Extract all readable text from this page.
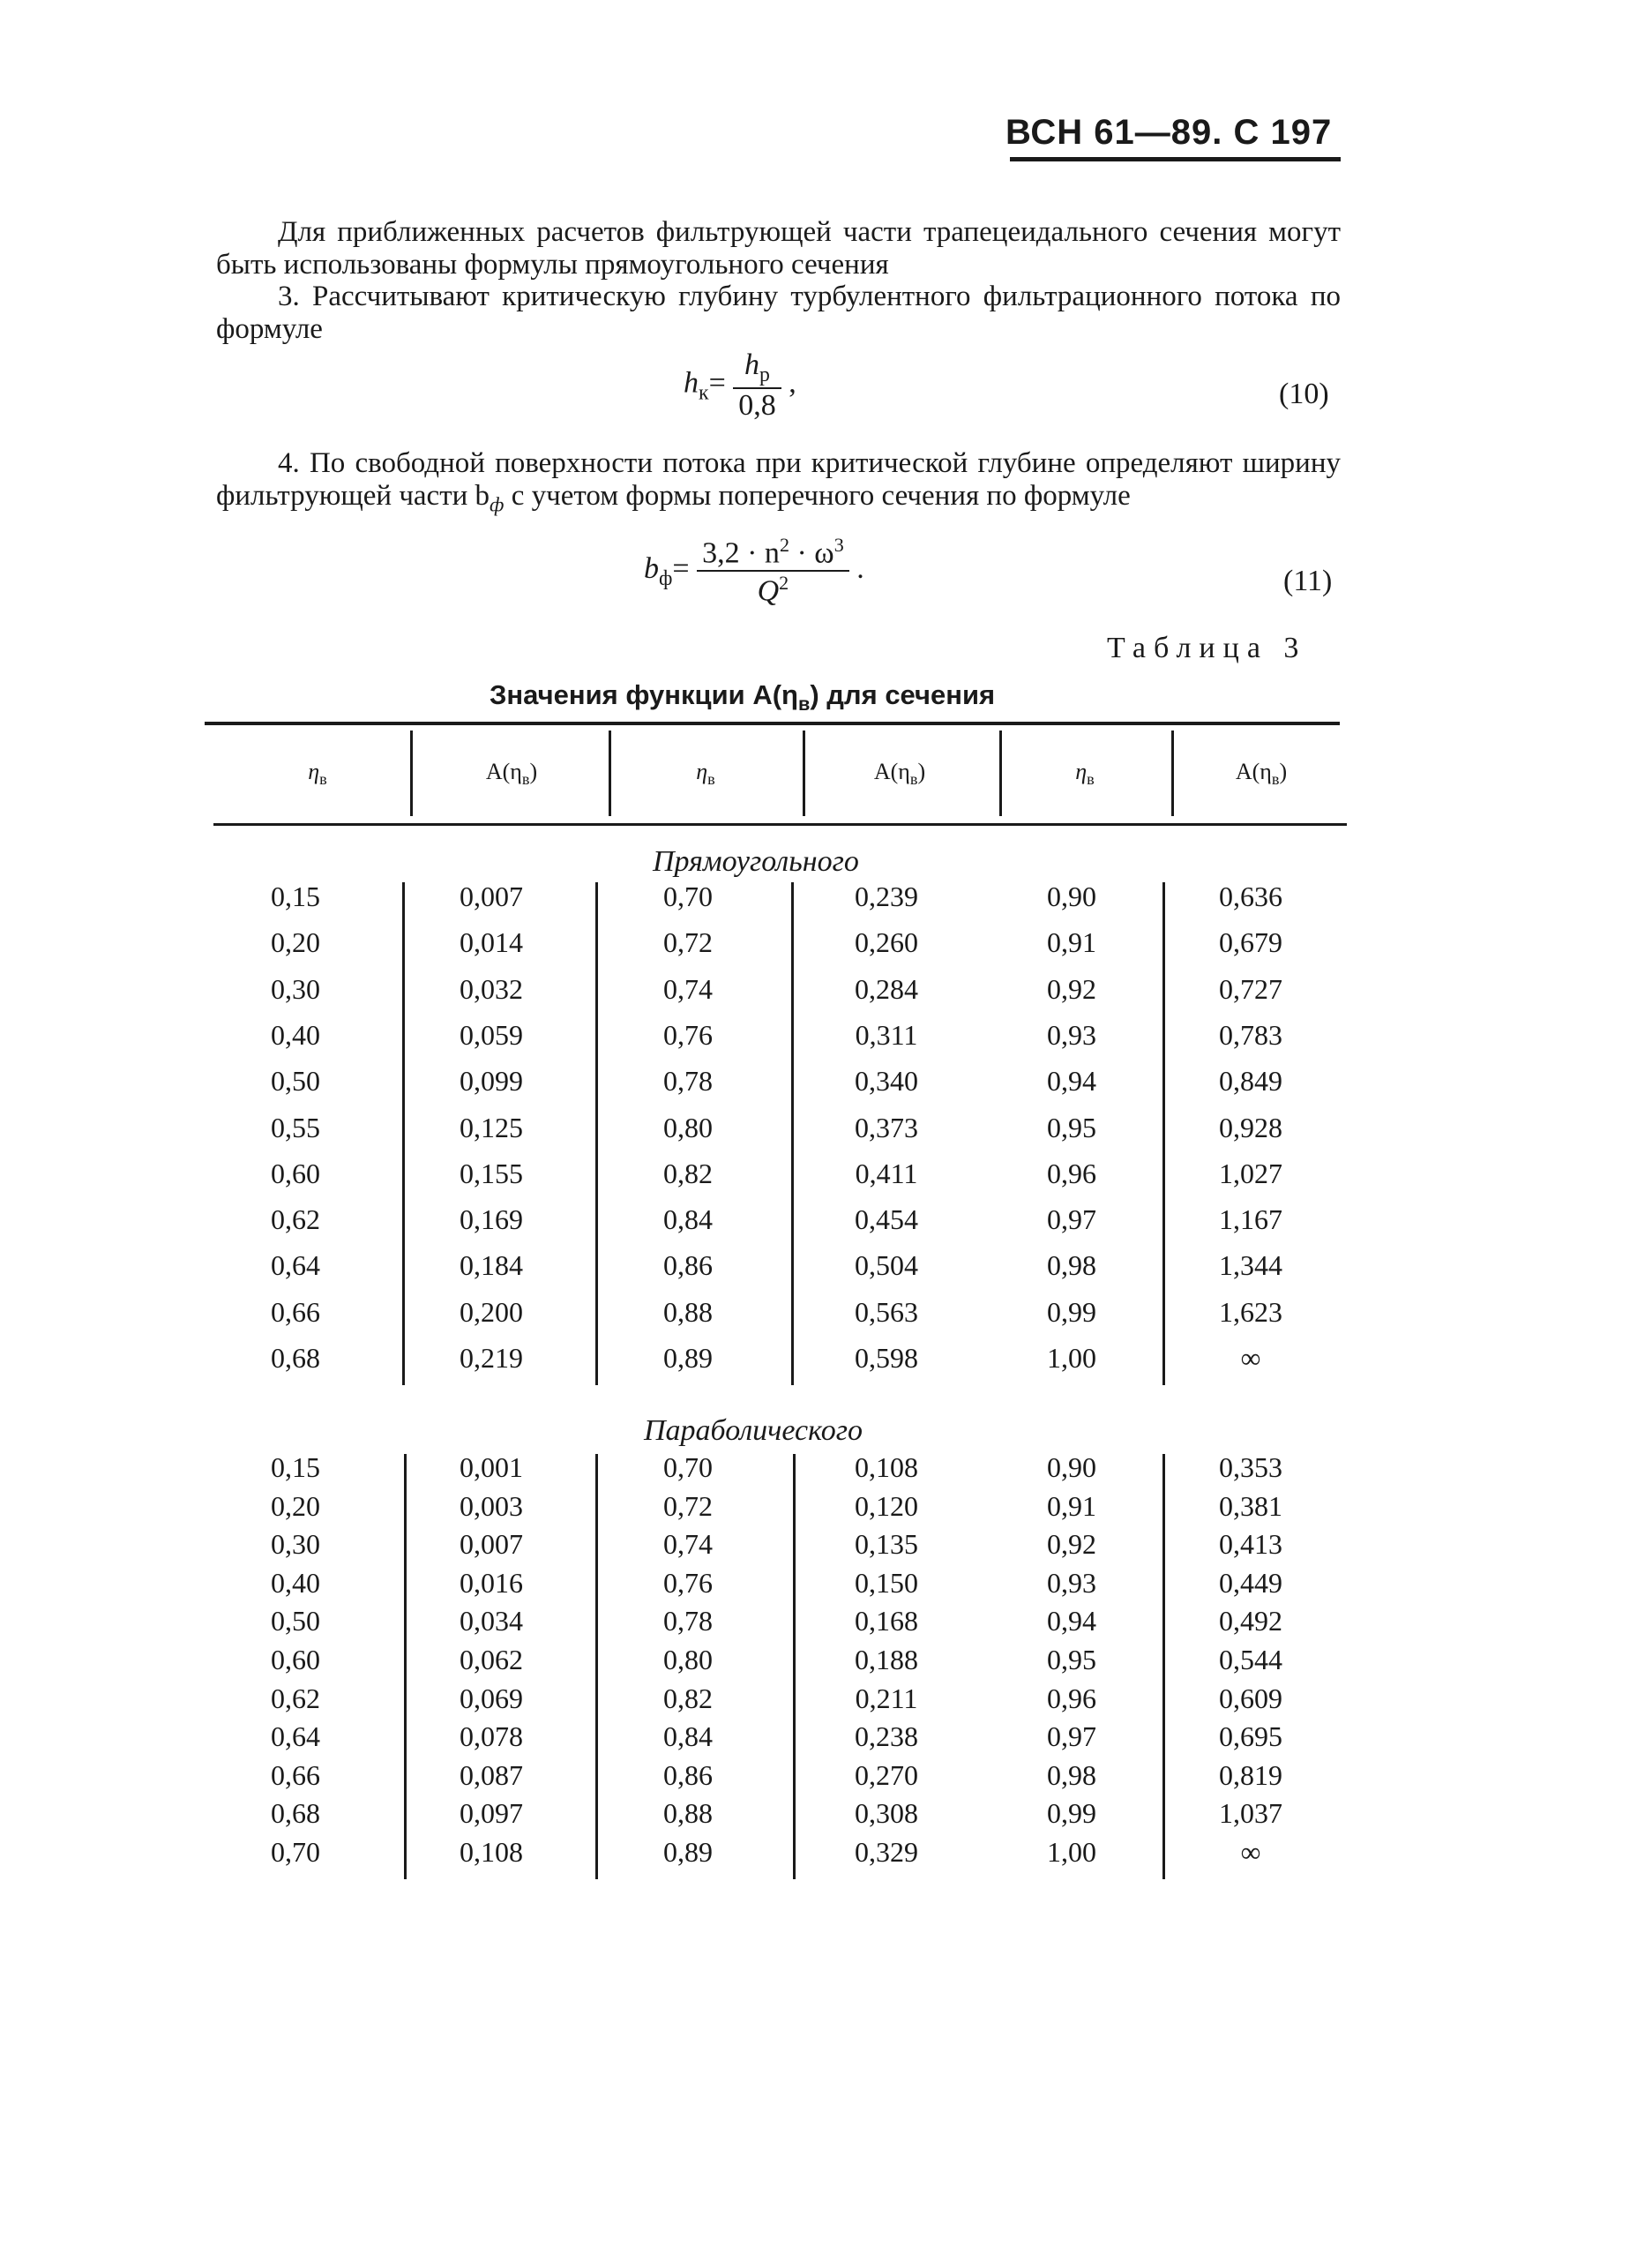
ВСН 61—89. С 197
Для приближенных расчетов фильтрующей части трапецеидального сечения могут быть использованы формулы прямоугольного сечения
3. Рассчитывают критическую глубину турбулентного фильтрационного потока по формуле
$h_к= \frac{h_р}{0,8}$ ,	(10)
4. По свободной поверхности потока при критической глубине определяют ширину фильтрующей части $b_ф$ с учетом формы поперечного сечения по формуле
$b_ф= \frac{3,2 \cdot n^2 \cdot \omega^3}{Q^2}$ .	(11)
Таблица 3
Значения функции $A(\eta_в)$ для сечения
$\eta_в$	$A(\eta_в)$	$\eta_в$	$A(\eta_в)$	$\eta_в$	$A(\eta_в)$
Прямоугольного
0,15	0,007	0,70	0,239	0,90	0,636
0,20	0,014	0,72	0,260	0,91	0,679
0,30	0,032	0,74	0,284	0,92	0,727
0,40	0,059	0,76	0,311	0,93	0,783
0,50	0,099	0,78	0,340	0,94	0,849
0,55	0,125	0,80	0,373	0,95	0,928
0,60	0,155	0,82	0,411	0,96	1,027
0,62	0,169	0,84	0,454	0,97	1,167
0,64	0,184	0,86	0,504	0,98	1,344
0,66	0,200	0,88	0,563	0,99	1,623
0,68	0,219	0,89	0,598	1,00	∞
Параболического
0,15	0,001	0,70	0,108	0,90	0,353
0,20	0,003	0,72	0,120	0,91	0,381
0,30	0,007	0,74	0,135	0,92	0,413
0,40	0,016	0,76	0,150	0,93	0,449
0,50	0,034	0,78	0,168	0,94	0,492
0,60	0,062	0,80	0,188	0,95	0,544
0,62	0,069	0,82	0,211	0,96	0,609
0,64	0,078	0,84	0,238	0,97	0,695
0,66	0,087	0,86	0,270	0,98	0,819
0,68	0,097	0,88	0,308	0,99	1,037
0,70	0,108	0,89	0,329	1,00	∞
